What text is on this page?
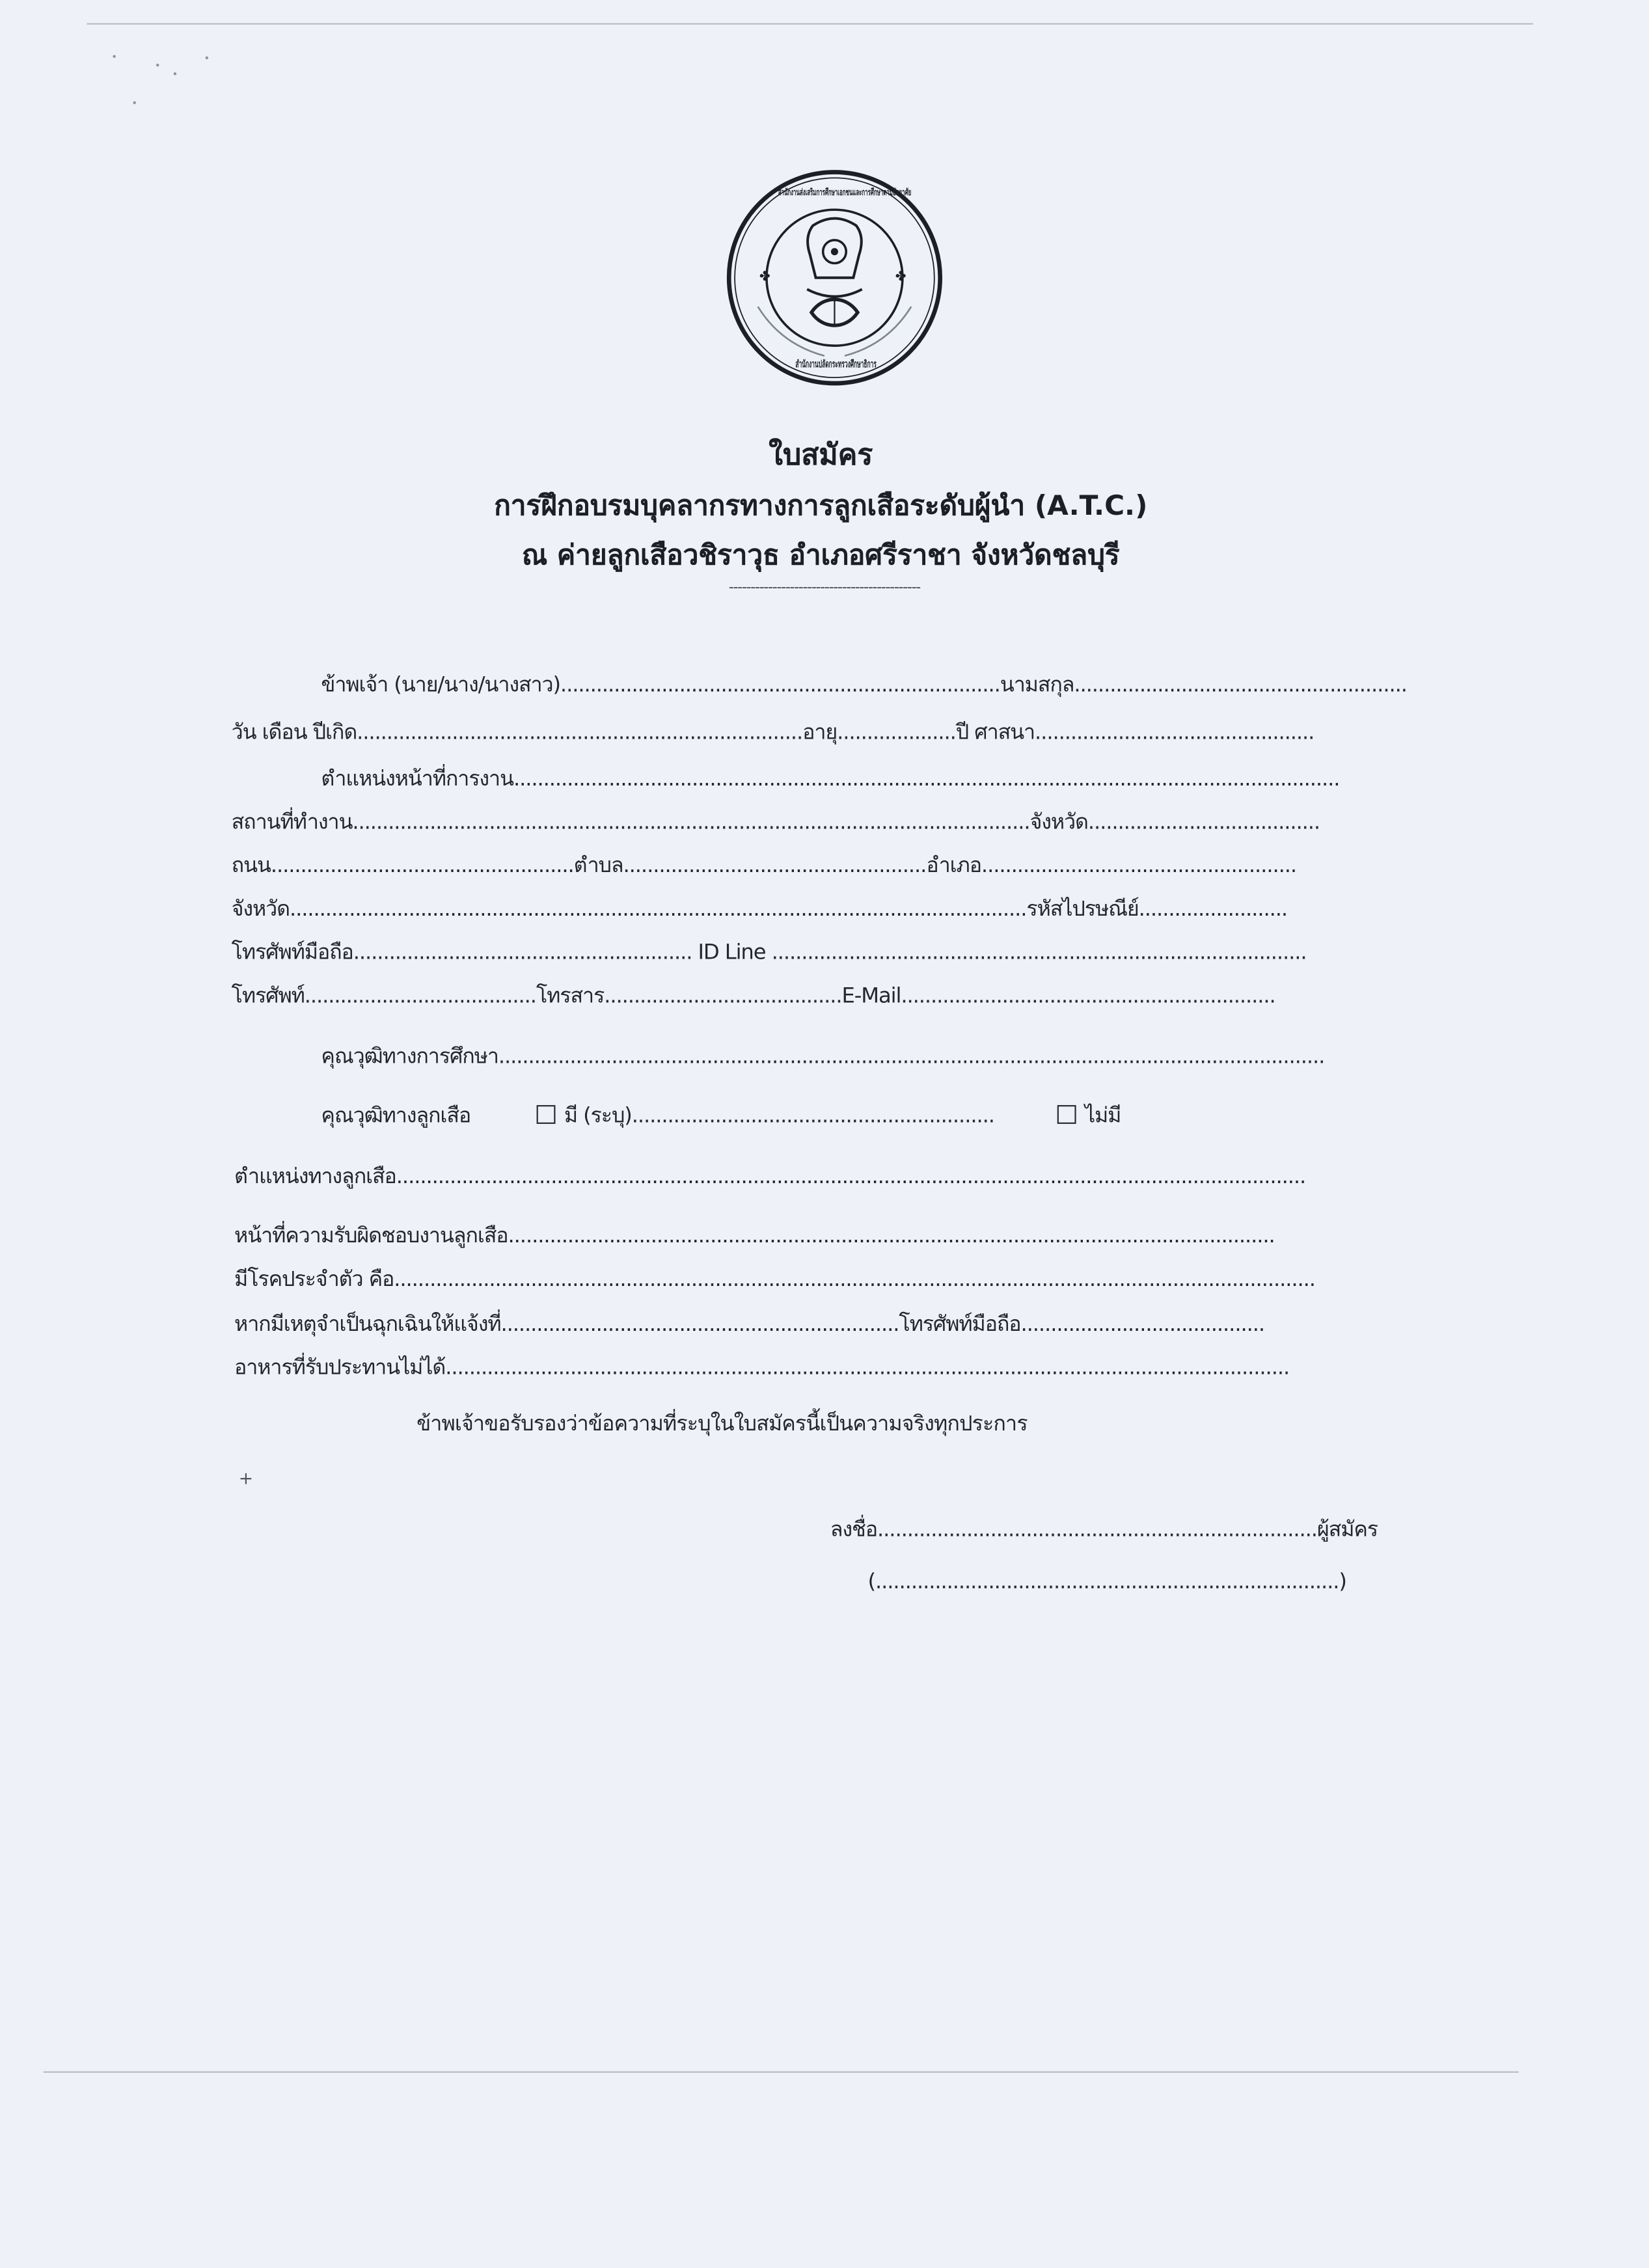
✤	✤
สำนักงานส่งเสริมการศึกษาเอกชนและการศึกษาตามอัธยาศัย
สำนักงานปลัดกระทรวงศึกษาธิการ
ใบสมัคร
การฝึกอบรมบุคลากรทางการลูกเสือระดับผู้นำ (A.T.C.)
ณ ค่ายลูกเสือวชิราวุธ อำเภอศรีราชา จังหวัดชลบุรี
--------------------------------------------
ข้าพเจ้า (นาย/นาง/นางสาว)..........................................................................นามสกุล........................................................
วัน เดือน ปีเกิด...........................................................................อายุ....................ปี ศาสนา...............................................
ตำแหน่งหน้าที่การงาน...........................................................................................................................................
สถานที่ทำงาน..................................................................................................................จังหวัด.......................................
ถนน...................................................ตำบล...................................................อำเภอ.....................................................
จังหวัด............................................................................................................................รหัสไปรษณีย์.........................
โทรศัพท์มือถือ......................................................... ID Line ..........................................................................................
โทรศัพท์.......................................โทรสาร........................................E-Mail...............................................................
คุณวุฒิทางการศึกษา...........................................................................................................................................
คุณวุฒิทางลูกเสือ	มี (ระบุ).............................................................	ไม่มี
ตำแหน่งทางลูกเสือ.........................................................................................................................................................
หน้าที่ความรับผิดชอบงานลูกเสือ.................................................................................................................................
มีโรคประจำตัว คือ...........................................................................................................................................................
หากมีเหตุจำเป็นฉุกเฉินให้แจ้งที่...................................................................โทรศัพท์มือถือ.........................................
อาหารที่รับประทานไม่ได้..............................................................................................................................................
ข้าพเจ้าขอรับรองว่าข้อความที่ระบุในใบสมัครนี้เป็นความจริงทุกประการ
+
ลงชื่อ..........................................................................ผู้สมัคร
(..............................................................................)
